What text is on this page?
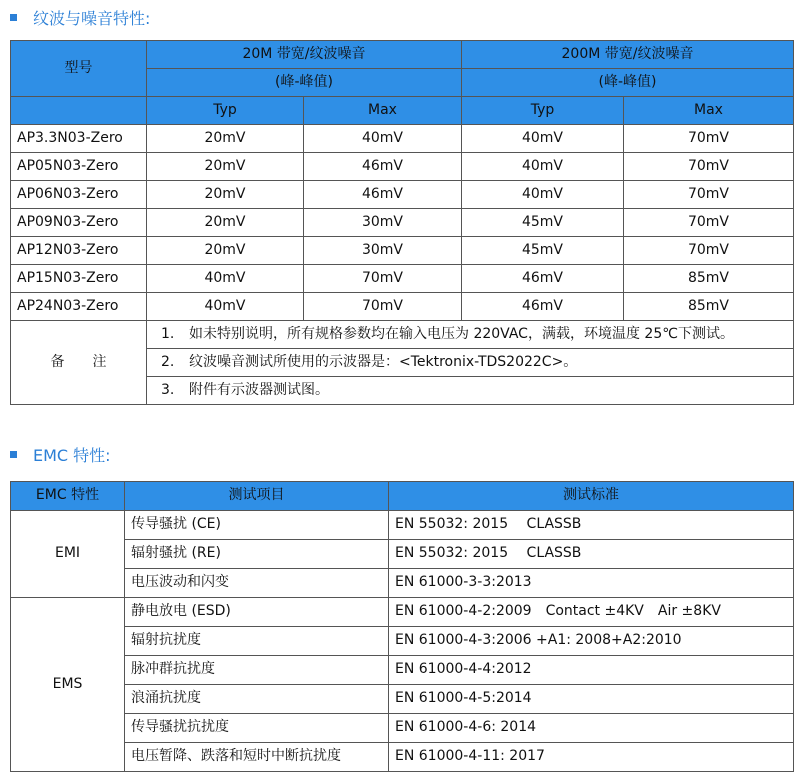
纹波与噪音特性:
型号	20M 带宽/纹波噪音		200M 带宽/纹波噪音	
	(峰-峰值)		(峰-峰值)	
	Typ	Max	Typ	Max
AP3.3N03-Zero	20mV	40mV	40mV	70mV
AP05N03-Zero	20mV	46mV	40mV	70mV
AP06N03-Zero	20mV	46mV	40mV	70mV
AP09N03-Zero	20mV	30mV	45mV	70mV
AP12N03-Zero	20mV	30mV	45mV	70mV
AP15N03-Zero	40mV	70mV	46mV	85mV
AP24N03-Zero	40mV	70mV	46mV	85mV
备　　注	1. 如未特别说明，所有规格参数均在输入电压为 220VAC，满载，环境温度 25℃下测试。			
	2. 纹波噪音测试所使用的示波器是：<Tektronix-TDS2022C>。			
	3. 附件有示波器测试图。			
EMC 特性:
EMC 特性	测试项目	测试标准
EMI	传导骚扰 (CE)	EN 55032: 2015　 CLASSB
	辐射骚扰 (RE)	EN 55032: 2015　 CLASSB
	电压波动和闪变	EN 61000-3-3:2013
EMS	静电放电 (ESD)	EN 61000-4-2:2009　Contact ±4KV　Air ±8KV
	辐射抗扰度	EN 61000-4-3:2006 +A1: 2008+A2:2010
	脉冲群抗扰度	EN 61000-4-4:2012
	浪涌抗扰度	EN 61000-4-5:2014
	传导骚扰抗扰度	EN 61000-4-6: 2014
	电压暂降、跌落和短时中断抗扰度	EN 61000-4-11: 2017
